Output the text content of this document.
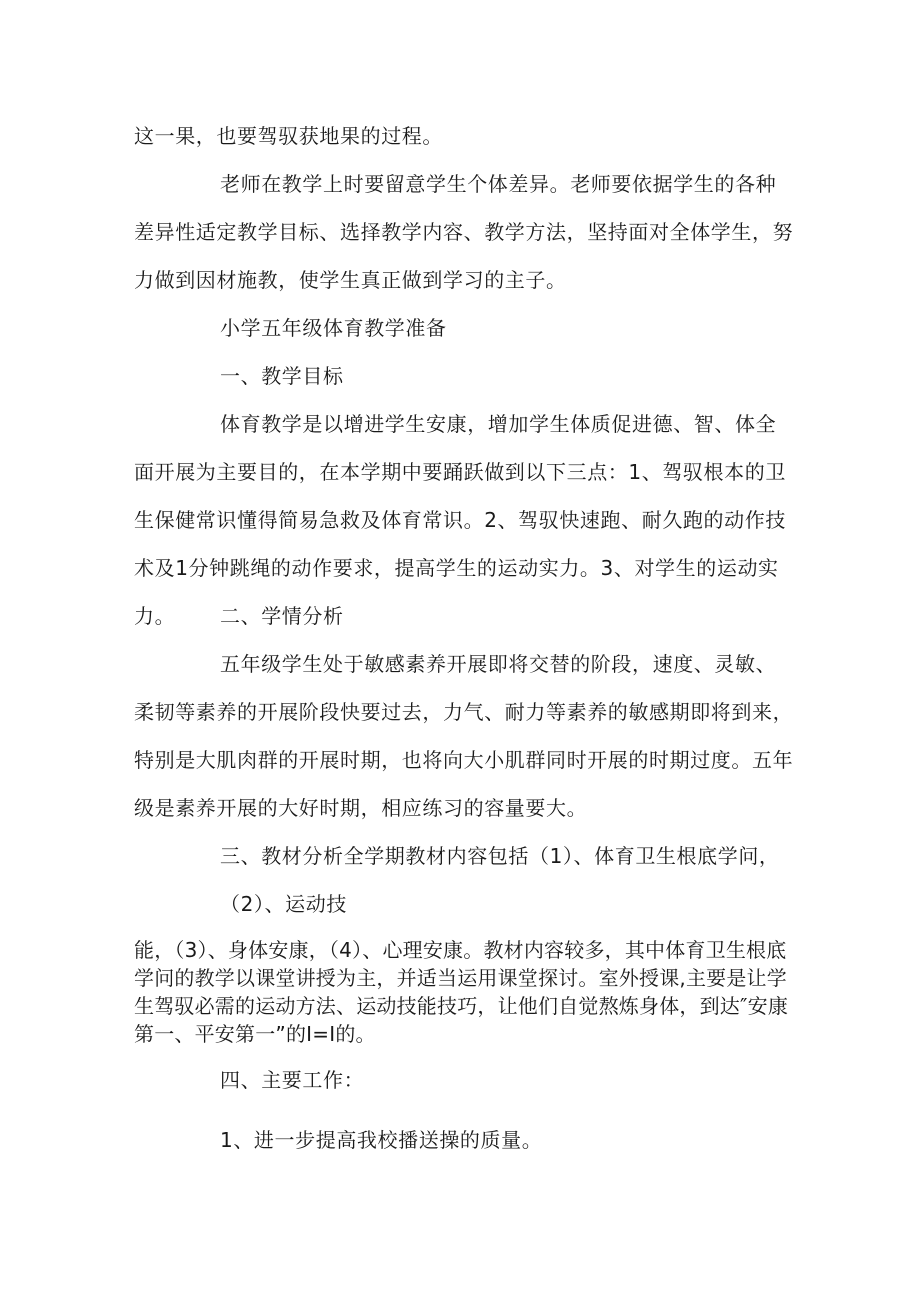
这一果，也要驾驭获地果的过程。

老师在教学上时要留意学生个体差异。老师要依据学生的各种差异性适定教学目标、选择教学内容、教学方法，坚持面对全体学生，努力做到因材施教，使学生真正做到学习的主子。

小学五年级体育教学准备

一、教学目标

体育教学是以增进学生安康，增加学生体质促进德、智、体全面开展为主要目的，在本学期中要踊跃做到以下三点：1、驾驭根本的卫生保健常识懂得简易急救及体育常识。2、驾驭快速跑、耐久跑的动作技术及1分钟跳绳的动作要求，提高学生的运动实力。3、对学生的运动实力。	二、学情分析

五年级学生处于敏感素养开展即将交替的阶段，速度、灵敏、柔韧等素养的开展阶段快要过去，力气、耐力等素养的敏感期即将到来，特别是大肌肉群的开展时期，也将向大小肌群同时开展的时期过度。五年级是素养开展的大好时期，相应练习的容量要大。

三、教材分析全学期教材内容包括（1）、体育卫生根底学问，

（2）、运动技

能，（3）、身体安康，（4）、心理安康。教材内容较多，其中体育卫生根底学问的教学以课堂讲授为主，并适当运用课堂探讨。室外授课,主要是让学生驾驭必需的运动方法、运动技能技巧，让他们自觉熬炼身体，到达″安康第一、平安第一”的I=I的。

四、主要工作：

1、进一步提高我校播送操的质量。
